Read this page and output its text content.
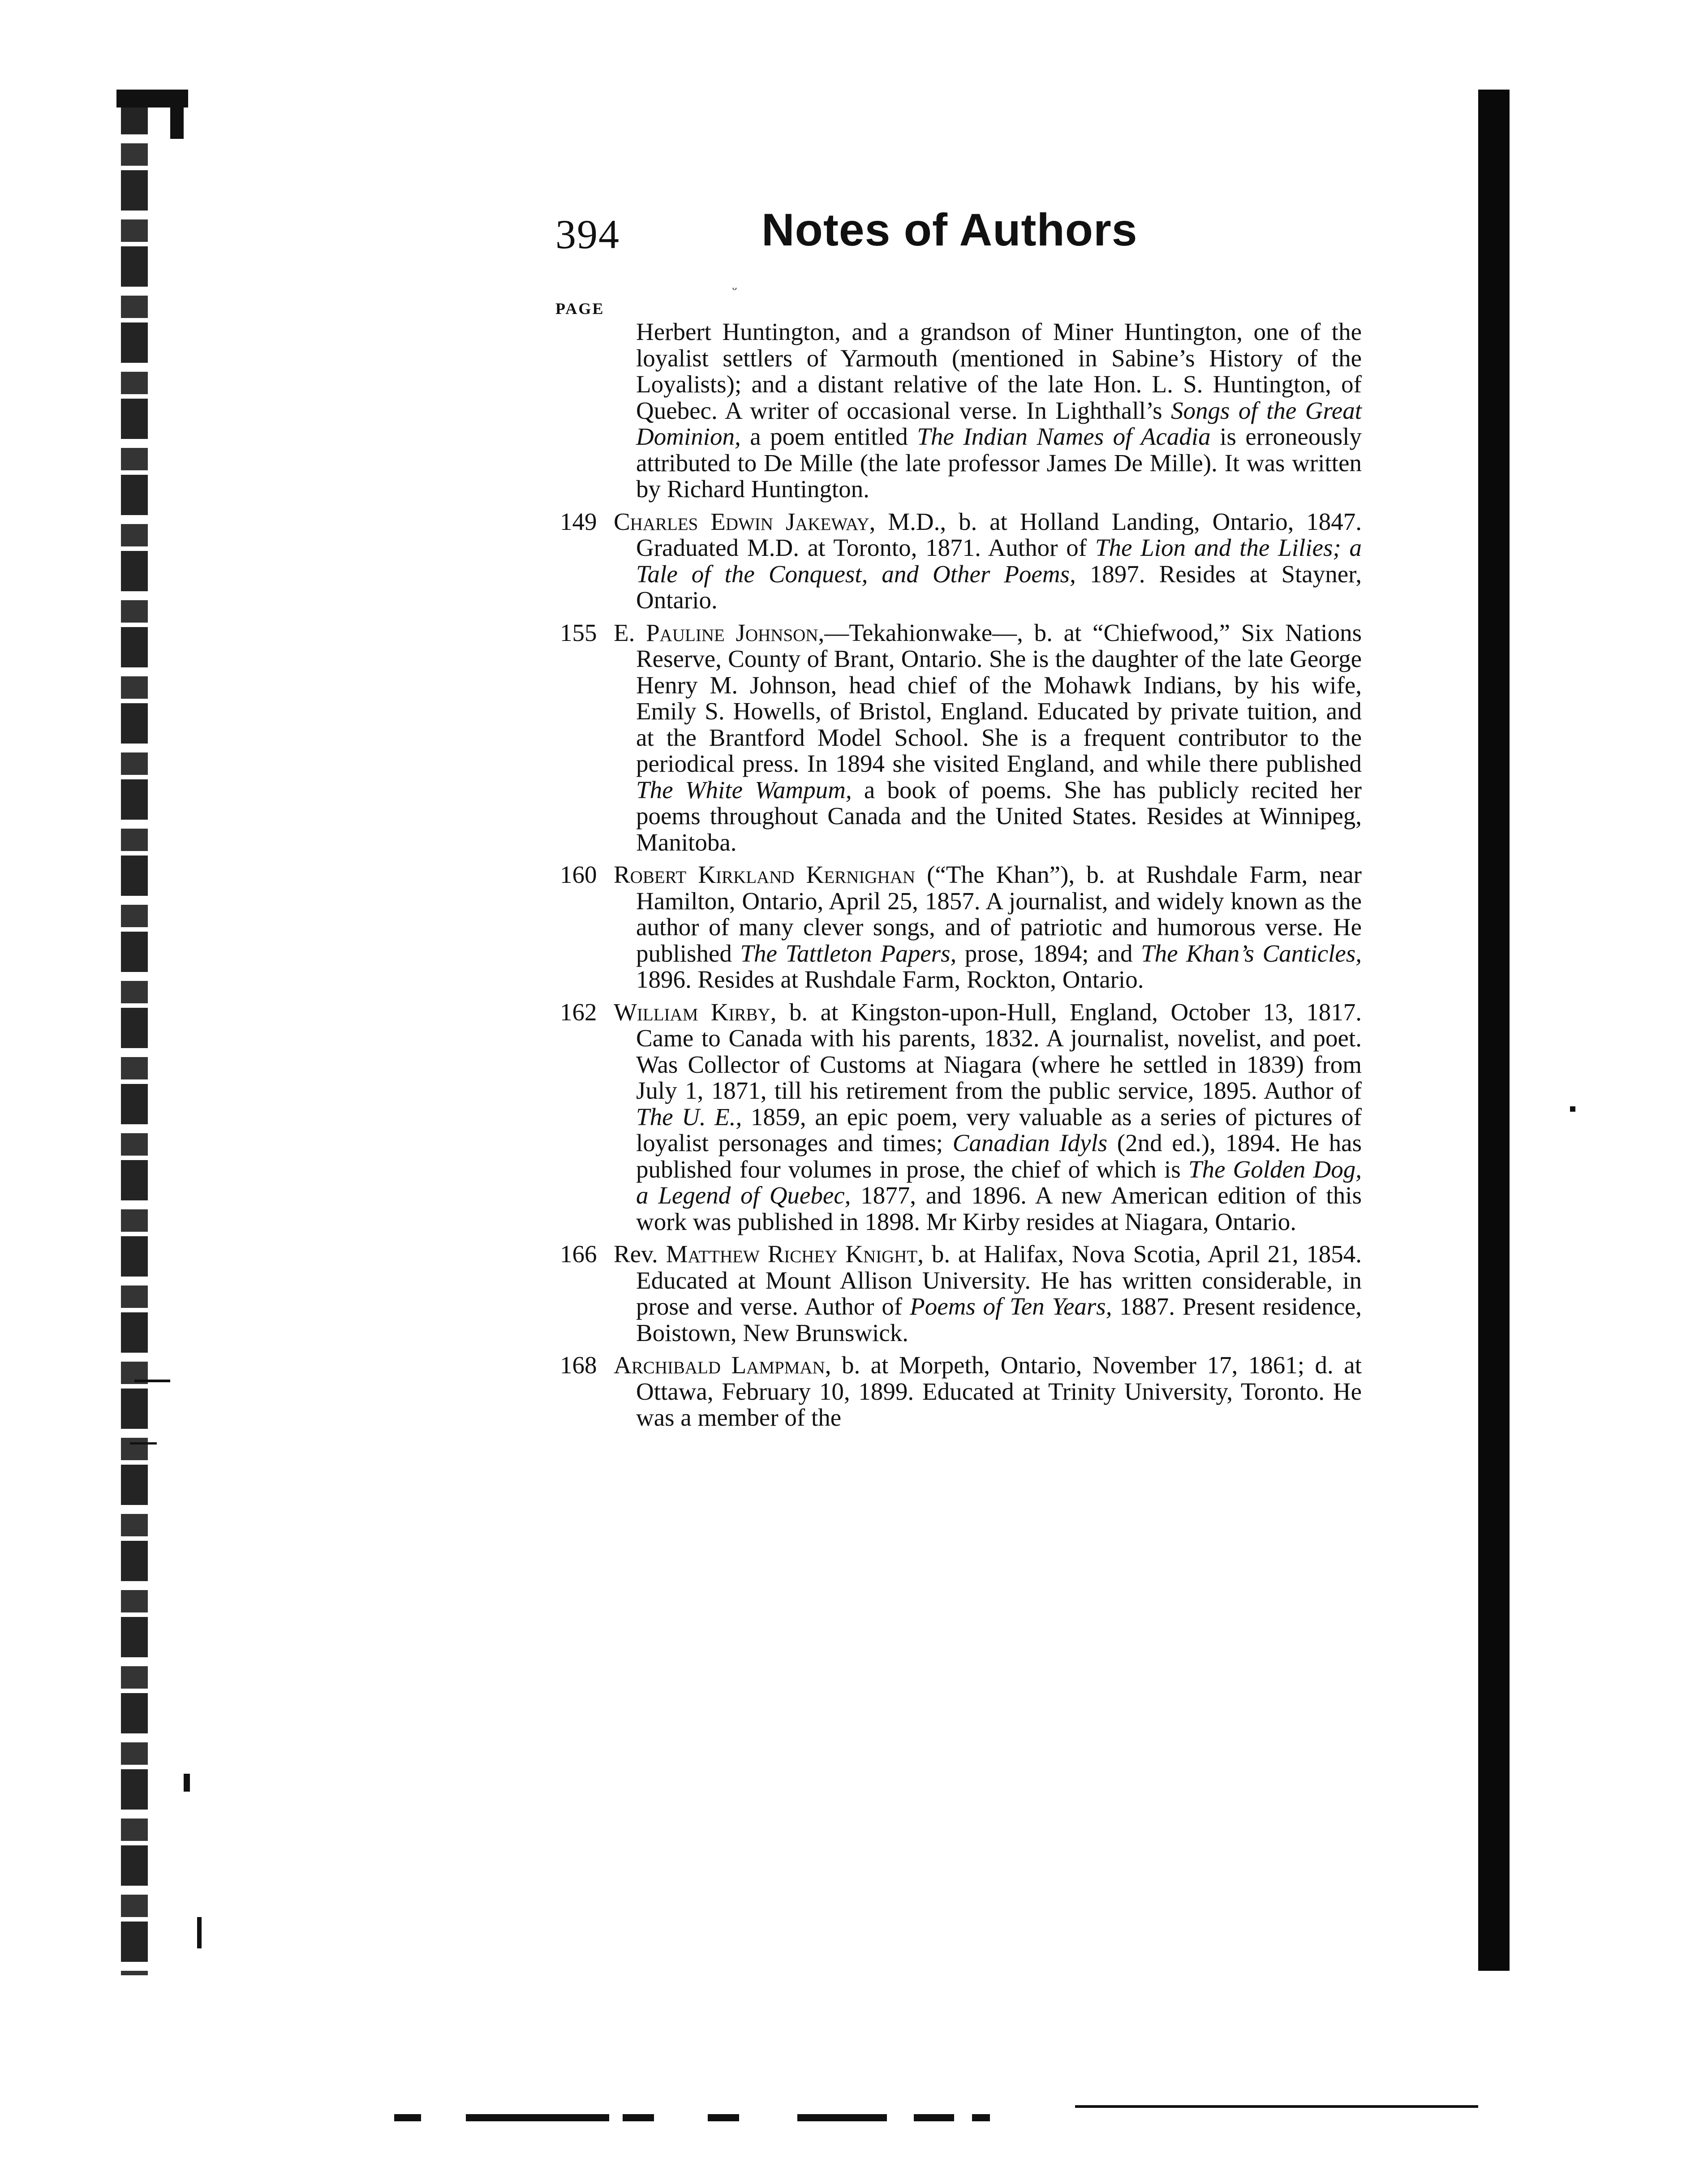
394	Notes of Authors
ᵕ
PAGE

Herbert Huntington, and a grandson of Miner Huntington, one of the loyalist settlers of Yarmouth (mentioned in Sabine’s History of the Loyalists); and a distant relative of the late Hon. L. S. Huntington, of Quebec. A writer of occasional verse. In Lighthall’s Songs of the Great Dominion, a poem entitled The Indian Names of Acadia is erroneously attributed to De Mille (the late professor James De Mille). It was written by Richard Huntington.

149 Charles Edwin Jakeway, M.D., b. at Holland Landing, Ontario, 1847. Graduated M.D. at Toronto, 1871. Author of The Lion and the Lilies; a Tale of the Conquest, and Other Poems, 1897. Resides at Stayner, Ontario.

155 E. Pauline Johnson,—Tekahionwake—, b. at “Chiefwood,” Six Nations Reserve, County of Brant, Ontario. She is the daughter of the late George Henry M. Johnson, head chief of the Mohawk Indians, by his wife, Emily S. Howells, of Bristol, England. Educated by private tuition, and at the Brantford Model School. She is a frequent contributor to the periodical press. In 1894 she visited England, and while there published The White Wampum, a book of poems. She has publicly recited her poems throughout Canada and the United States. Resides at Winnipeg, Manitoba.

160 Robert Kirkland Kernighan (“The Khan”), b. at Rushdale Farm, near Hamilton, Ontario, April 25, 1857. A journalist, and widely known as the author of many clever songs, and of patriotic and humorous verse. He published The Tattleton Papers, prose, 1894; and The Khan’s Canticles, 1896. Resides at Rushdale Farm, Rockton, Ontario.

162 William Kirby, b. at Kingston-upon-Hull, England, October 13, 1817. Came to Canada with his parents, 1832. A journalist, novelist, and poet. Was Collector of Customs at Niagara (where he settled in 1839) from July 1, 1871, till his retirement from the public service, 1895. Author of The U. E., 1859, an epic poem, very valuable as a series of pictures of loyalist personages and times; Canadian Idyls (2nd ed.), 1894. He has published four volumes in prose, the chief of which is The Golden Dog, a Legend of Quebec, 1877, and 1896. A new American edition of this work was published in 1898. Mr Kirby resides at Niagara, Ontario.

166 Rev. Matthew Richey Knight, b. at Halifax, Nova Scotia, April 21, 1854. Educated at Mount Allison University. He has written considerable, in prose and verse. Author of Poems of Ten Years, 1887. Present residence, Boistown, New Brunswick.

168 Archibald Lampman, b. at Morpeth, Ontario, November 17, 1861; d. at Ottawa, February 10, 1899. Educated at Trinity University, Toronto. He was a member of the
